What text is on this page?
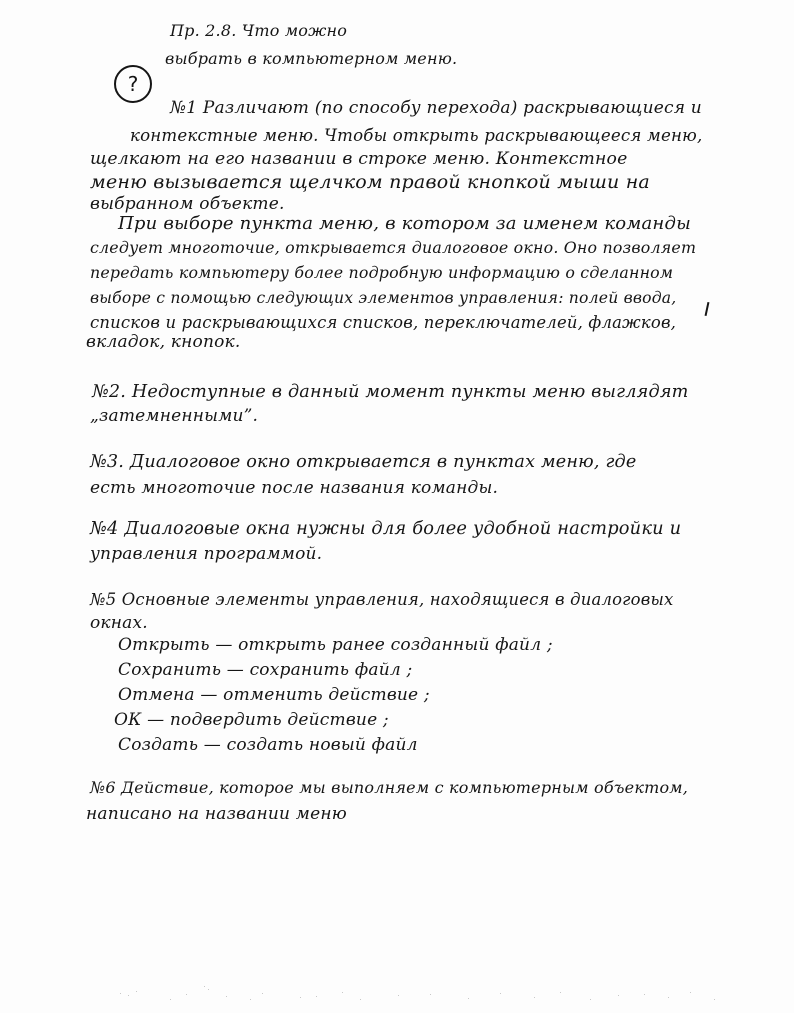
Пр. 2.8. Что можно
выбрать в компьютерном меню.
?
№1 Различают (по способу перехода) раскрывающиеся и
контекстные меню. Чтобы открыть раскрывающееся меню,
щелкают на его названии в строке меню. Контекстное
меню вызывается щелчком правой кнопкой мыши на
выбранном объекте.
При выборе пункта меню, в котором за именем команды
следует многоточие, открывается диалоговое окно. Оно позволяет
передать компьютеру более подробную информацию о сделанном
выборе с помощью следующих элементов управления: полей ввода,
списков и раскрывающихся списков, переключателей, флажков,
вкладок, кнопок.
№2. Недоступные в данный момент пункты меню выглядят
„затемненными”.
№3. Диалоговое окно открывается в пунктах меню, где
есть многоточие после названия команды.
№4 Диалоговые окна нужны для более удобной настройки и
управления программой.
№5 Основные элементы управления, находящиеся в диалоговых
окнах.
Открыть — открыть ранее созданный файл ;
Сохранить — сохранить файл ;
Отмена — отменить действие ;
ОК — подвердить действие ;
Создать — создать новый файл
№6 Действие, которое мы выполняем с компьютерным объектом,
написано на названии меню
